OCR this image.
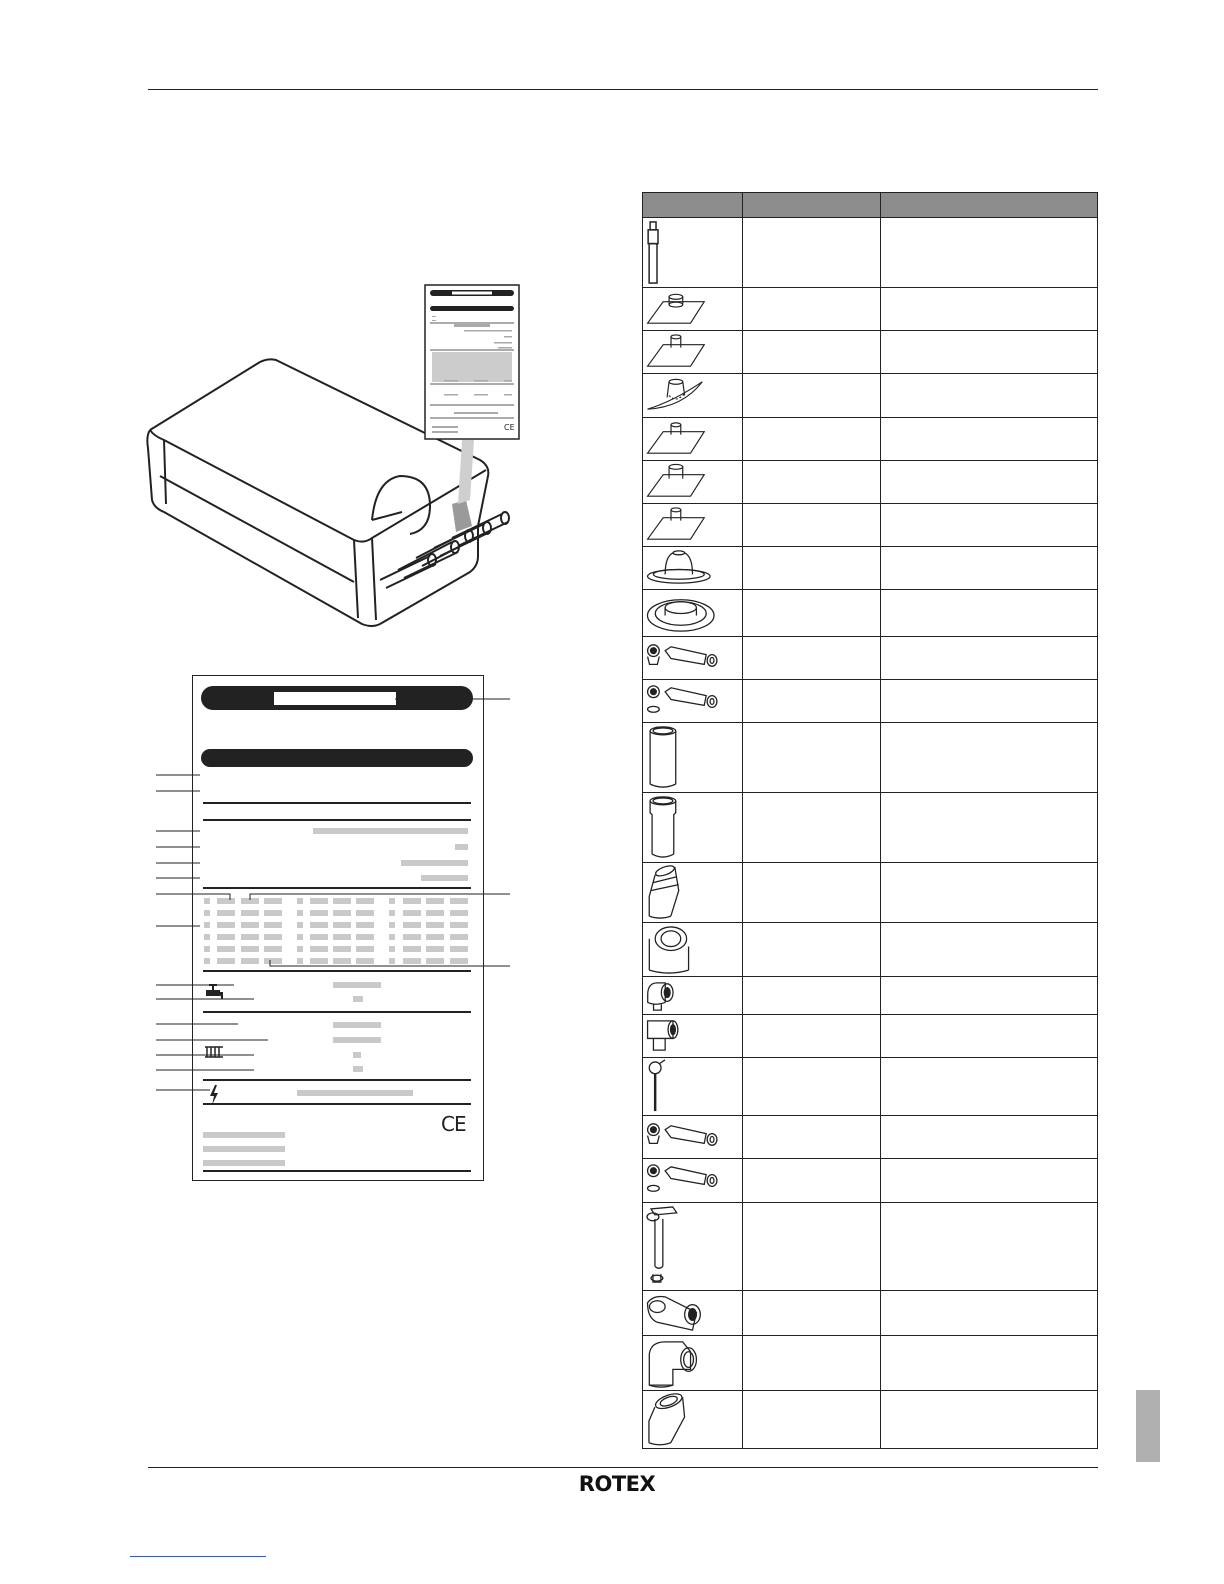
CE
CE
ROTEX
